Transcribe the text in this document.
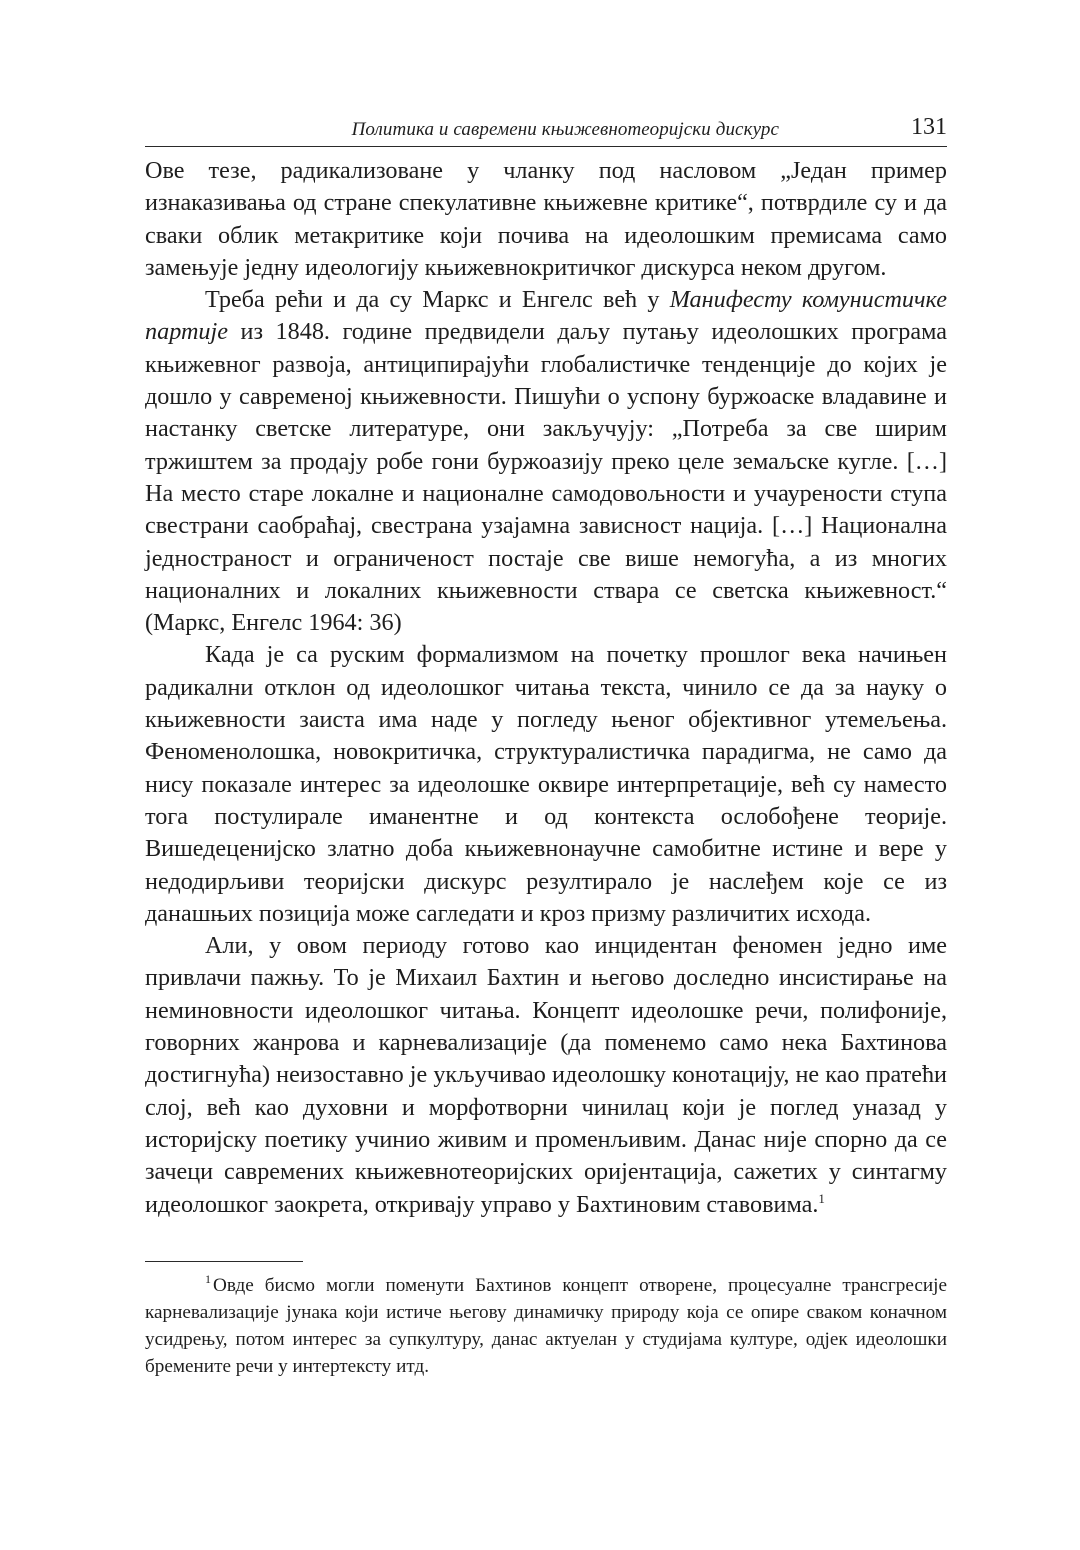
Политика и савремени књижевнотеоријски дискурс	131

Ове тезе, радикализоване у чланку под насловом „Један пример изнаказивања од стране спекулативне књижевне критике“, потврдиле су и да сваки облик метакритике који почива на идеолошким премисама само замењује једну идеологију књижевнокритичког дискурса неком другом.

Треба рећи и да су Маркс и Енгелс већ у Манифесту комунистичке партије из 1848. године предвидели даљу путању идеолошких програма књижевног развоја, антиципирајући глобалистичке тенденције до којих је дошло у савременој књижевности. Пишући о успону буржоаске владавине и настанку светске литературе, они закључују: „Потреба за све ширим тржиштем за продају робе гони буржоазију преко целе земаљске кугле. […] На место старе локалне и националне самодовољности и учаурености ступа свестрани саобраћај, свестрана узајамна зависност нација. […] Национална једностраност и ограниченост постаје све више немогућа, а из многих националних и локалних књижевности ствара се светска књижевност.“ (Маркс, Енгелс 1964: 36)

Када је са руским формализмом на почетку прошлог века начињен радикални отклон од идеолошког читања текста, чинило се да за науку о књижевности заиста има наде у погледу њеног објективног утемељења. Феноменолошка, новокритичка, структуралистичка парадигма, не само да нису показале интерес за идеолошке оквире интерпретације, већ су наместо тога постулирале иманентне и од контекста ослобођене теорије. Вишедеценијско златно доба књижевнонаучне самобитне истине и вере у недодирљиви теоријски дискурс резултирало је наслеђем које се из данашњих позиција може сагледати и кроз призму различитих исхода.

Али, у овом периоду готово као инцидентан феномен једно име привлачи пажњу. То је Михаил Бахтин и његово доследно инсистирање на неминовности идеолошког читања. Концепт идеолошке речи, полифоније, говорних жанрова и карневализације (да поменемо само нека Бахтинова достигнућа) неизоставно је укључивао идеолошку конотацију, не као пратећи слој, већ као духовни и морфотворни чинилац који је поглед уназад у историјску поетику учинио живим и променљивим. Данас није спорно да се зачеци савремених књижевнотеоријских оријентација, сажетих у синтагму идеолошког заокрета, откривају управо у Бахтиновим ставовима.$^1$

$^1$ Овде бисмо могли поменути Бахтинов концепт отворене, процесуалне трансгресије карневализације јунака који истиче његову динамичку природу која се опире сваком коначном усидрењу, потом интерес за супкултуру, данас актуелан у студијама културе, одјек идеолошки бремените речи у интертексту итд.
